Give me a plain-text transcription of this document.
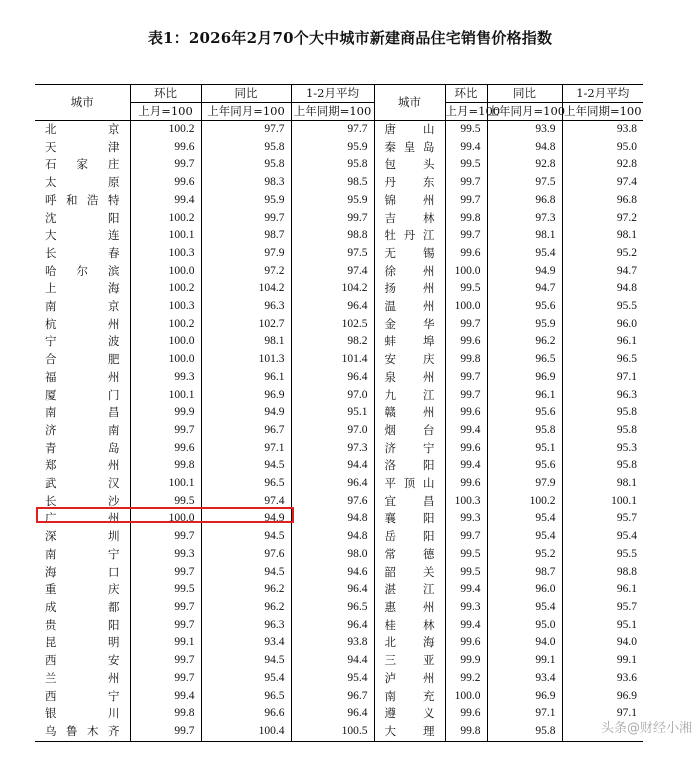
表1：2026年2月70个大中城市新建商品住宅销售价格指数
城市	环比	同比	1-2月平均	城市	环比	同比	1-2月平均
	上月=100	上年同月=100	上年同期=100		上月=100	上年同月=100	上年同期=100
北京	100.2	97.7	97.7	唐山	99.5	93.9	93.8
天津	99.6	95.8	95.9	秦皇岛	99.4	94.8	95.0
石家庄	99.7	95.8	95.8	包头	99.5	92.8	92.8
太原	99.6	98.3	98.5	丹东	99.7	97.5	97.4
呼和浩特	99.4	95.9	95.9	锦州	99.7	96.8	96.8
沈阳	100.2	99.7	99.7	吉林	99.8	97.3	97.2
大连	100.1	98.7	98.8	牡丹江	99.7	98.1	98.1
长春	100.3	97.9	97.5	无锡	99.6	95.4	95.2
哈尔滨	100.0	97.2	97.4	徐州	100.0	94.9	94.7
上海	100.2	104.2	104.2	扬州	99.5	94.7	94.8
南京	100.3	96.3	96.4	温州	100.0	95.6	95.5
杭州	100.2	102.7	102.5	金华	99.7	95.9	96.0
宁波	100.0	98.1	98.2	蚌埠	99.6	96.2	96.1
合肥	100.0	101.3	101.4	安庆	99.8	96.5	96.5
福州	99.3	96.1	96.4	泉州	99.7	96.9	97.1
厦门	100.1	96.9	97.0	九江	99.7	96.1	96.3
南昌	99.9	94.9	95.1	赣州	99.6	95.6	95.8
济南	99.7	96.7	97.0	烟台	99.4	95.8	95.8
青岛	99.6	97.1	97.3	济宁	99.6	95.1	95.3
郑州	99.8	94.5	94.4	洛阳	99.4	95.6	95.8
武汉	100.1	96.5	96.4	平顶山	99.6	97.9	98.1
长沙	99.5	97.4	97.6	宜昌	100.3	100.2	100.1
广州	100.0	94.9	94.8	襄阳	99.3	95.4	95.7
深圳	99.7	94.5	94.8	岳阳	99.7	95.4	95.4
南宁	99.3	97.6	98.0	常德	99.5	95.2	95.5
海口	99.7	94.5	94.6	韶关	99.5	98.7	98.8
重庆	99.5	96.2	96.4	湛江	99.4	96.0	96.1
成都	99.7	96.2	96.5	惠州	99.3	95.4	95.7
贵阳	99.7	96.3	96.4	桂林	99.4	95.0	95.1
昆明	99.1	93.4	93.8	北海	99.6	94.0	94.0
西安	99.7	94.5	94.4	三亚	99.9	99.1	99.1
兰州	99.7	95.4	95.4	泸州	99.2	93.4	93.6
西宁	99.4	96.5	96.7	南充	100.0	96.9	96.9
银川	99.8	96.6	96.4	遵义	99.6	97.1	97.1
乌鲁木齐	99.7	100.4	100.5	大理	99.8	95.8		头条@财经小湘
